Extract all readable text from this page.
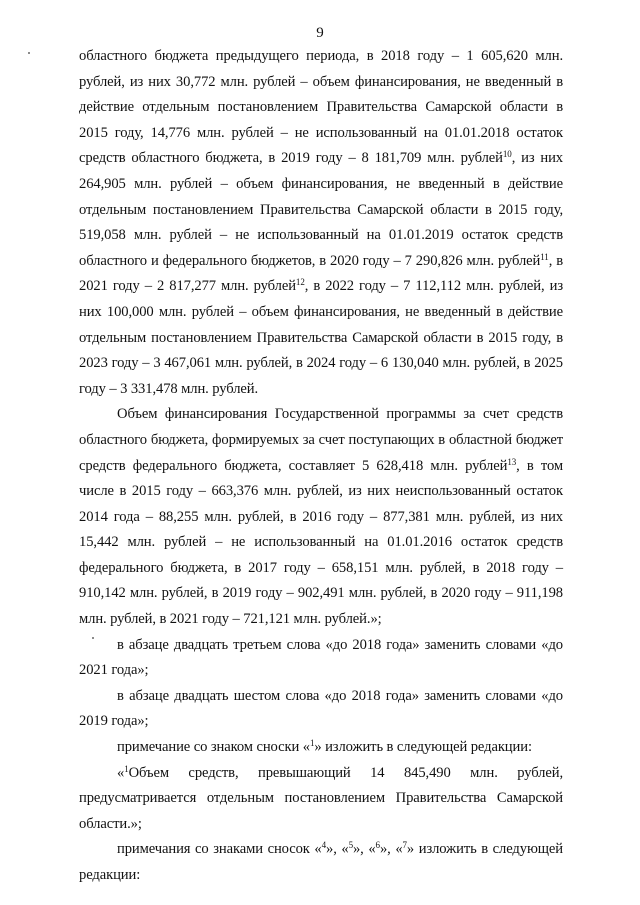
9

областного бюджета предыдущего периода, в 2018 году – 1 605,620 млн. рублей, из них 30,772 млн. рублей – объем финансирования, не введенный в действие отдельным постановлением Правительства Самарской области в 2015 году, 14,776 млн. рублей – не использованный на 01.01.2018 остаток средств областного бюджета, в 2019 году – 8 181,709 млн. рублей$^{10}$, из них 264,905 млн. рублей – объем финансирования, не введенный в действие отдельным постановлением Правительства Самарской области в 2015 году, 519,058 млн. рублей – не использованный на 01.01.2019 остаток средств областного и федерального бюджетов, в 2020 году – 7 290,826 млн. рублей$^{11}$, в 2021 году – 2 817,277 млн. рублей$^{12}$, в 2022 году – 7 112,112 млн. рублей, из них 100,000 млн. рублей – объем финансирования, не введенный в действие отдельным постановлением Правительства Самарской области в 2015 году, в 2023 году – 3 467,061 млн. рублей, в 2024 году – 6 130,040 млн. рублей, в 2025 году – 3 331,478 млн. рублей.

Объем финансирования Государственной программы за счет средств областного бюджета, формируемых за счет поступающих в областной бюджет средств федерального бюджета, составляет 5 628,418 млн. рублей$^{13}$, в том числе в 2015 году – 663,376 млн. рублей, из них неиспользованный остаток 2014 года – 88,255 млн. рублей, в 2016 году – 877,381 млн. рублей, из них 15,442 млн. рублей – не использованный на 01.01.2016 остаток средств федерального бюджета, в 2017 году – 658,151 млн. рублей, в 2018 году – 910,142 млн. рублей, в 2019 году – 902,491 млн. рублей, в 2020 году – 911,198 млн. рублей, в 2021 году – 721,121 млн. рублей.»;

в абзаце двадцать третьем слова «до 2018 года» заменить словами «до 2021 года»;

в абзаце двадцать шестом слова «до 2018 года» заменить словами «до 2019 года»;

примечание со знаком сноски «$^1$» изложить в следующей редакции:

«$^1$Объем средств, превышающий 14 845,490 млн. рублей, предусматривается отдельным постановлением Правительства Самарской области.»;

примечания со знаками сносок «$^4$», «$^5$», «$^6$», «$^7$» изложить в следующей редакции:
